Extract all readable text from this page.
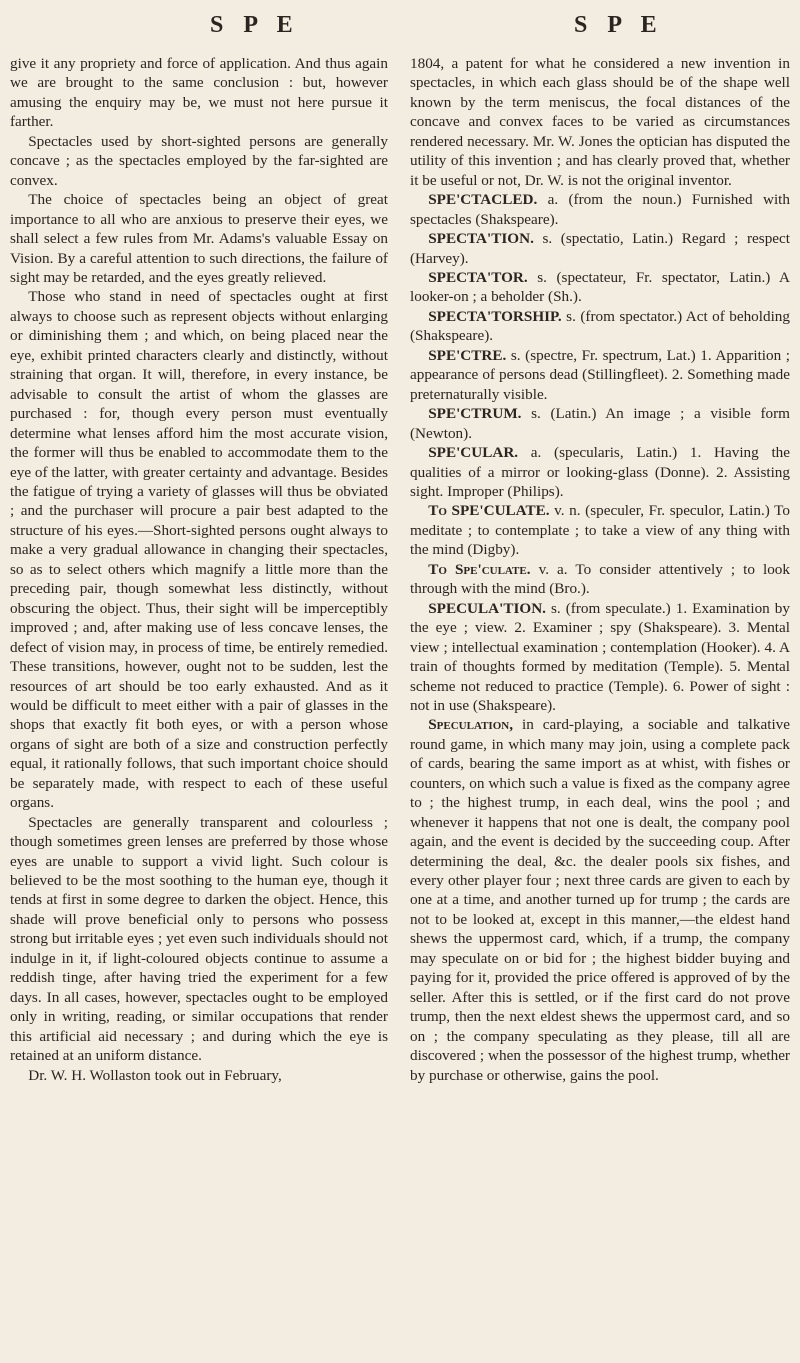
S P E	S P E

give it any propriety and force of application. And thus again we are brought to the same conclusion : but, however amusing the enquiry may be, we must not here pursue it farther.

Spectacles used by short-sighted persons are generally concave ; as the spectacles employed by the far-sighted are convex.

The choice of spectacles being an object of great importance to all who are anxious to preserve their eyes, we shall select a few rules from Mr. Adams's valuable Essay on Vision. By a careful attention to such directions, the failure of sight may be retarded, and the eyes greatly relieved.

Those who stand in need of spectacles ought at first always to choose such as represent objects without enlarging or diminishing them ; and which, on being placed near the eye, exhibit printed characters clearly and distinctly, without straining that organ. It will, therefore, in every instance, be advisable to consult the artist of whom the glasses are purchased : for, though every person must eventually determine what lenses afford him the most accurate vision, the former will thus be enabled to accommodate them to the eye of the latter, with greater certainty and advantage. Besides the fatigue of trying a variety of glasses will thus be obviated ; and the purchaser will procure a pair best adapted to the structure of his eyes.—Short-sighted persons ought always to make a very gradual allowance in changing their spectacles, so as to select others which magnify a little more than the preceding pair, though somewhat less distinctly, without obscuring the object. Thus, their sight will be imperceptibly improved ; and, after making use of less concave lenses, the defect of vision may, in process of time, be entirely remedied. These transitions, however, ought not to be sudden, lest the resources of art should be too early exhausted. And as it would be difficult to meet either with a pair of glasses in the shops that exactly fit both eyes, or with a person whose organs of sight are both of a size and construction perfectly equal, it rationally follows, that such important choice should be separately made, with respect to each of these useful organs.

Spectacles are generally transparent and colourless ; though sometimes green lenses are preferred by those whose eyes are unable to support a vivid light. Such colour is believed to be the most soothing to the human eye, though it tends at first in some degree to darken the object. Hence, this shade will prove beneficial only to persons who possess strong but irritable eyes ; yet even such individuals should not indulge in it, if light-coloured objects continue to assume a reddish tinge, after having tried the experiment for a few days. In all cases, however, spectacles ought to be employed only in writing, reading, or similar occupations that render this artificial aid necessary ; and during which the eye is retained at an uniform distance.

Dr. W. H. Wollaston took out in February,

1804, a patent for what he considered a new invention in spectacles, in which each glass should be of the shape well known by the term meniscus, the focal distances of the concave and convex faces to be varied as circumstances rendered necessary. Mr. W. Jones the optician has disputed the utility of this invention ; and has clearly proved that, whether it be useful or not, Dr. W. is not the original inventor.

SPE'CTACLED. a. (from the noun.) Furnished with spectacles (Shakspeare).

SPECTA'TION. s. (spectatio, Latin.) Regard ; respect (Harvey).

SPECTA'TOR. s. (spectateur, Fr. spectator, Latin.) A looker-on ; a beholder (Sh.).

SPECTA'TORSHIP. s. (from spectator.) Act of beholding (Shakspeare).

SPE'CTRE. s. (spectre, Fr. spectrum, Lat.) 1. Apparition ; appearance of persons dead (Stillingfleet). 2. Something made preternaturally visible.

SPE'CTRUM. s. (Latin.) An image ; a visible form (Newton).

SPE'CULAR. a. (specularis, Latin.) 1. Having the qualities of a mirror or looking-glass (Donne). 2. Assisting sight. Improper (Philips).

To SPE'CULATE. v. n. (speculer, Fr. speculor, Latin.) To meditate ; to contemplate ; to take a view of any thing with the mind (Digby).

To Spe'culate. v. a. To consider attentively ; to look through with the mind (Bro.).

SPECULA'TION. s. (from speculate.) 1. Examination by the eye ; view. 2. Examiner ; spy (Shakspeare). 3. Mental view ; intellectual examination ; contemplation (Hooker). 4. A train of thoughts formed by meditation (Temple). 5. Mental scheme not reduced to practice (Temple). 6. Power of sight : not in use (Shakspeare).

Speculation, in card-playing, a sociable and talkative round game, in which many may join, using a complete pack of cards, bearing the same import as at whist, with fishes or counters, on which such a value is fixed as the company agree to ; the highest trump, in each deal, wins the pool ; and whenever it happens that not one is dealt, the company pool again, and the event is decided by the succeeding coup. After determining the deal, &c. the dealer pools six fishes, and every other player four ; next three cards are given to each by one at a time, and another turned up for trump ; the cards are not to be looked at, except in this manner,—the eldest hand shews the uppermost card, which, if a trump, the company may speculate on or bid for ; the highest bidder buying and paying for it, provided the price offered is approved of by the seller. After this is settled, or if the first card do not prove trump, then the next eldest shews the uppermost card, and so on ; the company speculating as they please, till all are discovered ; when the possessor of the highest trump, whether by purchase or otherwise, gains the pool.
